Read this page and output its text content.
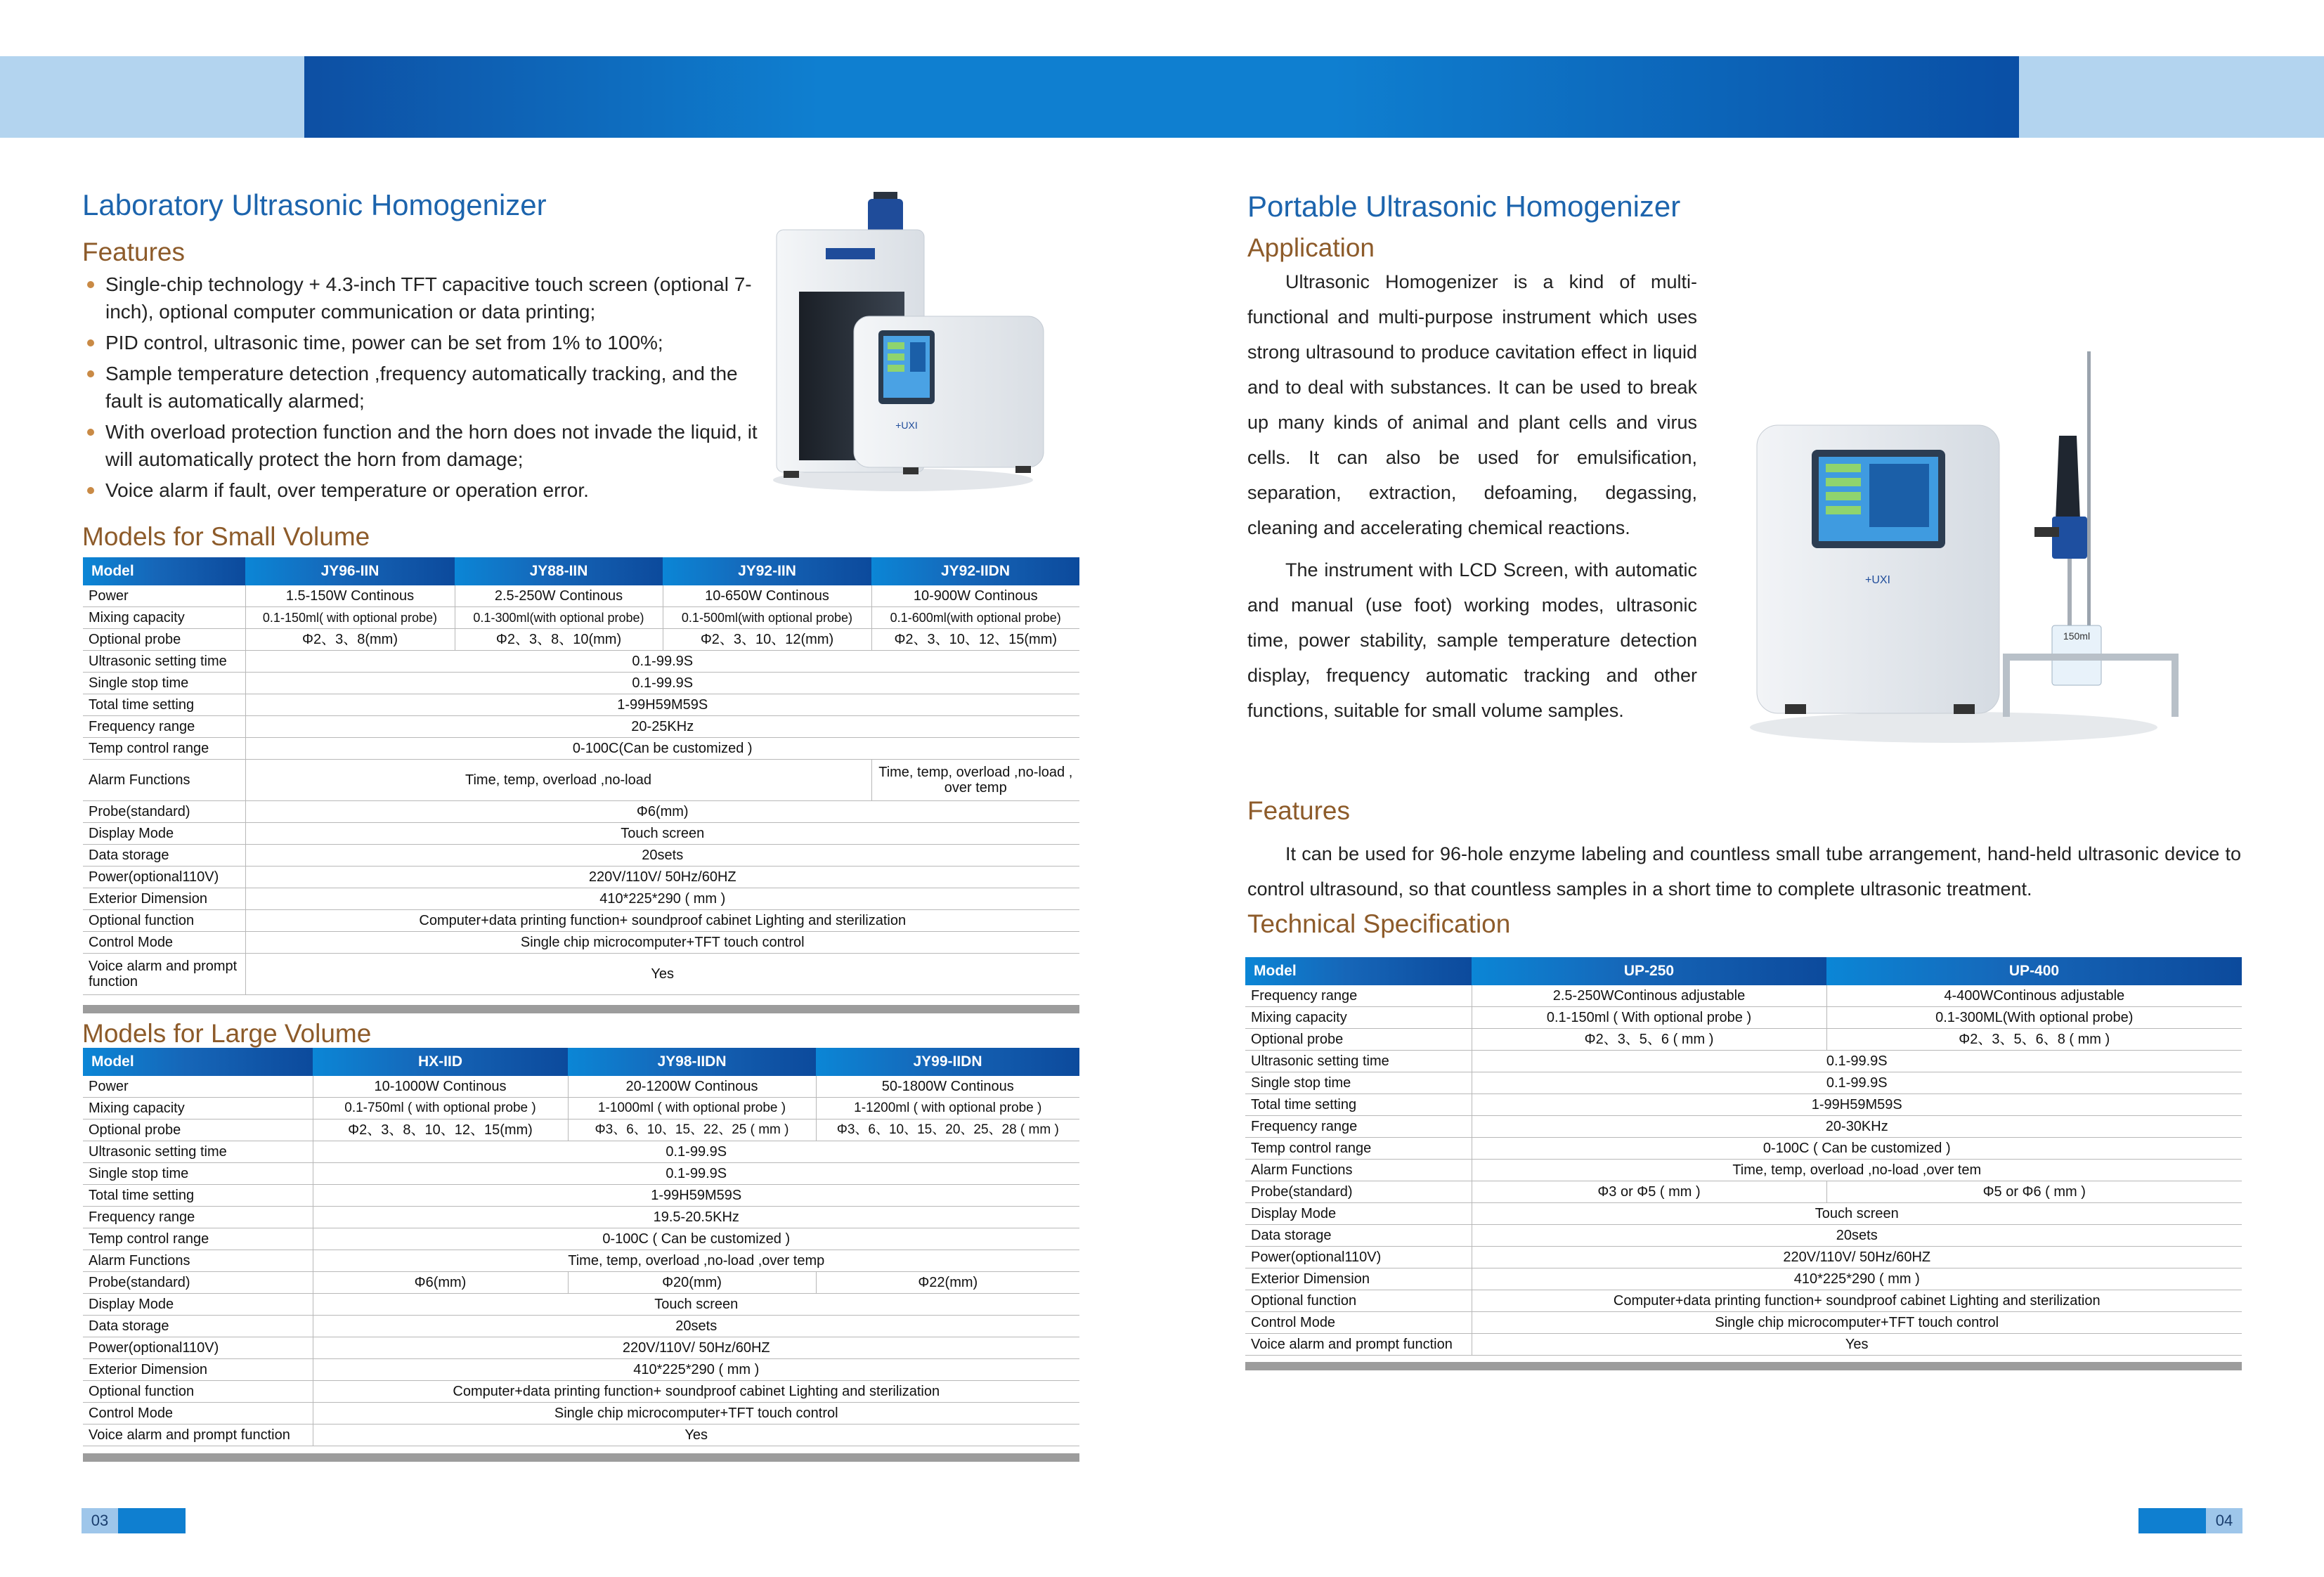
Laboratory Ultrasonic Homogenizer
Features
Single-chip technology + 4.3-inch TFT capacitive touch screen (optional 7-inch), optional computer communication or data printing;
PID control, ultrasonic time, power can be set from 1% to 100%;
Sample temperature detection ,frequency automatically tracking, and the fault is automatically alarmed;
With overload protection function and the horn does not invade the liquid, it will automatically protect the horn from damage;
Voice alarm if fault, over temperature or operation error.
+UXI
Models for Small Volume
Model	JY96-IIN	JY88-IIN	JY92-IIN	JY92-IIDN
Power	1.5-150W Continous	2.5-250W Continous	10-650W Continous	10-900W Continous
Mixing capacity	0.1-150ml( with optional probe)	0.1-300ml(with optional probe)	0.1-500ml(with optional probe)	0.1-600ml(with optional probe)
Optional probe	Φ2、3、8(mm)	Φ2、3、8、10(mm)	Φ2、3、10、12(mm)	Φ2、3、10、12、15(mm)
Ultrasonic setting time	0.1-99.9S			
Single stop time	0.1-99.9S			
Total time setting	1-99H59M59S			
Frequency range	20-25KHz			
Temp control range	0-100C(Can be customized )			
Alarm Functions	Time, temp, overload ,no-load			Time, temp, overload ,no-load , over temp
Probe(standard)	Φ6(mm)			
Display Mode	Touch screen			
Data storage	20sets			
Power(optional110V)	220V/110V/ 50Hz/60HZ			
Exterior Dimension	410*225*290 ( mm )			
Optional function	Computer+data printing function+ soundproof cabinet Lighting and sterilization			
Control Mode	Single chip microcomputer+TFT touch control			
Voice alarm and prompt function	Yes			
Models for Large Volume
Model	HX-IID	JY98-IIDN	JY99-IIDN
Power	10-1000W Continous	20-1200W Continous	50-1800W Continous
Mixing capacity	0.1-750ml ( with optional probe )	1-1000ml ( with optional probe )	1-1200ml ( with optional probe )
Optional probe	Φ2、3、8、10、12、15(mm)	Φ3、6、10、15、22、25 ( mm )	Φ3、6、10、15、20、25、28 ( mm )
Ultrasonic setting time	0.1-99.9S		
Single stop time	0.1-99.9S		
Total time setting	1-99H59M59S		
Frequency range	19.5-20.5KHz		
Temp control range	0-100C ( Can be customized )		
Alarm Functions	Time, temp, overload ,no-load ,over temp		
Probe(standard)	Φ6(mm)	Φ20(mm)	Φ22(mm)
Display Mode	Touch screen		
Data storage	20sets		
Power(optional110V)	220V/110V/ 50Hz/60HZ		
Exterior Dimension	410*225*290 ( mm )		
Optional function	Computer+data printing function+ soundproof cabinet Lighting and sterilization		
Control Mode	Single chip microcomputer+TFT touch control		
Voice alarm and prompt function	Yes		
03
Portable Ultrasonic Homogenizer
Application

Ultrasonic Homogenizer is a kind of multi-functional and multi-purpose instrument which uses strong ultrasound to produce cavitation effect in liquid and to deal with substances. It can be used to break up many kinds of animal and plant cells and virus cells. It can also be used for emulsification, separation, extraction, defoaming, degassing, cleaning and accelerating chemical reactions.

The instrument with LCD Screen, with automatic and manual (use foot) working modes, ultrasonic time, power stability, sample temperature detection display, frequency automatic tracking and other functions, suitable for small volume samples.

+UXI
150ml
Features

It can be used for 96-hole enzyme labeling and countless small tube arrangement, hand-held ultrasonic device to control ultrasound, so that countless samples in a short time to complete ultrasonic treatment.

Technical Specification
Model	UP-250	UP-400
Frequency range	2.5-250WContinous adjustable	4-400WContinous adjustable
Mixing capacity	0.1-150ml ( With optional probe )	0.1-300ML(With optional probe)
Optional probe	Φ2、3、5、6 ( mm )	Φ2、3、5、6、8 ( mm )
Ultrasonic setting time	0.1-99.9S	
Single stop time	0.1-99.9S	
Total time setting	1-99H59M59S	
Frequency range	20-30KHz	
Temp control range	0-100C ( Can be customized )	
Alarm Functions	Time, temp, overload ,no-load ,over tem	
Probe(standard)	Φ3 or Φ5 ( mm )	Φ5 or Φ6 ( mm )
Display Mode	Touch screen	
Data storage	20sets	
Power(optional110V)	220V/110V/ 50Hz/60HZ	
Exterior Dimension	410*225*290 ( mm )	
Optional function	Computer+data printing function+ soundproof cabinet Lighting and sterilization	
Control Mode	Single chip microcomputer+TFT touch control	
Voice alarm and prompt function	Yes	
04
